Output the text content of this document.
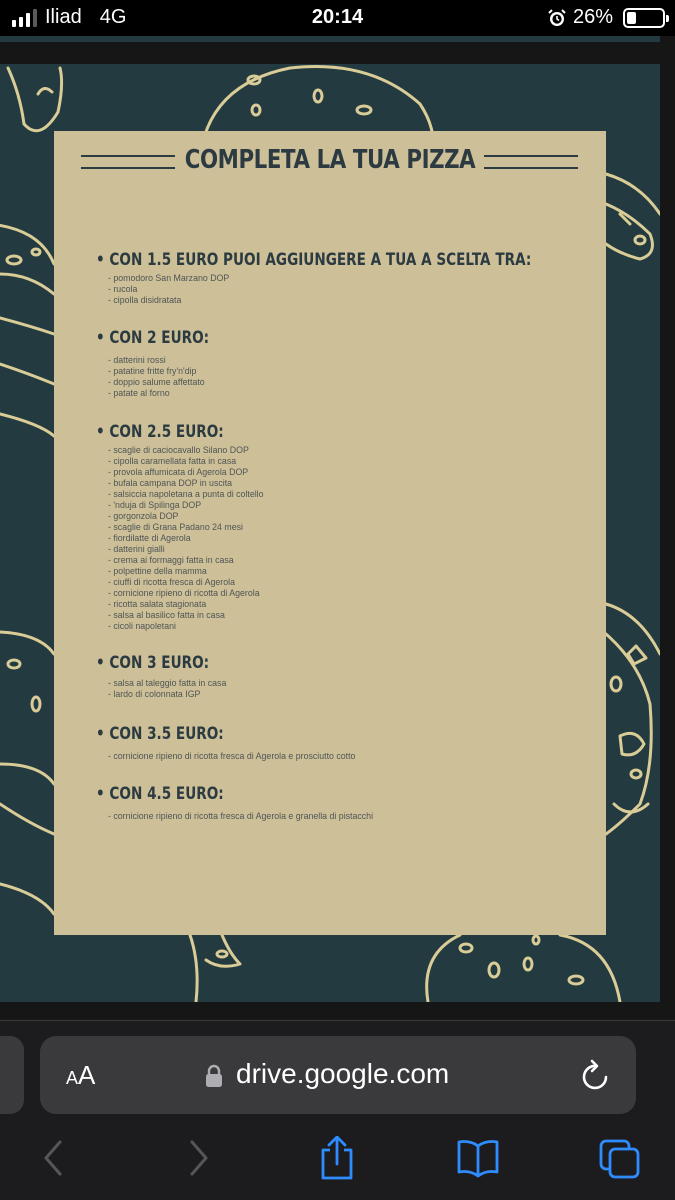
Iliad 4G	20:14	26%
COMPLETA LA TUA PIZZA
• CON 1.5 EURO PUOI AGGIUNGERE A TUA A SCELTA TRA:
- pomodoro San Marzano DOP
- rucola
- cipolla disidratata
• CON 2 EURO:
- datterini rossi
- patatine fritte fry'n'dip
- doppio salume affettato
- patate al forno
• CON 2.5 EURO:
- scaglie di caciocavallo Silano DOP
- cipolla caramellata fatta in casa
- provola affumicata di Agerola DOP
- bufala campana DOP in uscita
- salsiccia napoletana a punta di coltello
- 'nduja di Spilinga DOP
- gorgonzola DOP
- scaglie di Grana Padano 24 mesi
- fiordilatte di Agerola
- datterini gialli
- crema ai formaggi fatta in casa
- polpettine della mamma
- ciuffi di ricotta fresca di Agerola
- cornicione ripieno di ricotta di Agerola
- ricotta salata stagionata
- salsa al basilico fatta in casa
- cicoli napoletani
• CON 3 EURO:
- salsa al taleggio fatta in casa
- lardo di colonnata IGP
• CON 3.5 EURO:
- cornicione ripieno di ricotta fresca di Agerola e prosciutto cotto
• CON 4.5 EURO:
- cornicione ripieno di ricotta fresca di Agerola e granella di pistacchi
AA	drive.google.com
